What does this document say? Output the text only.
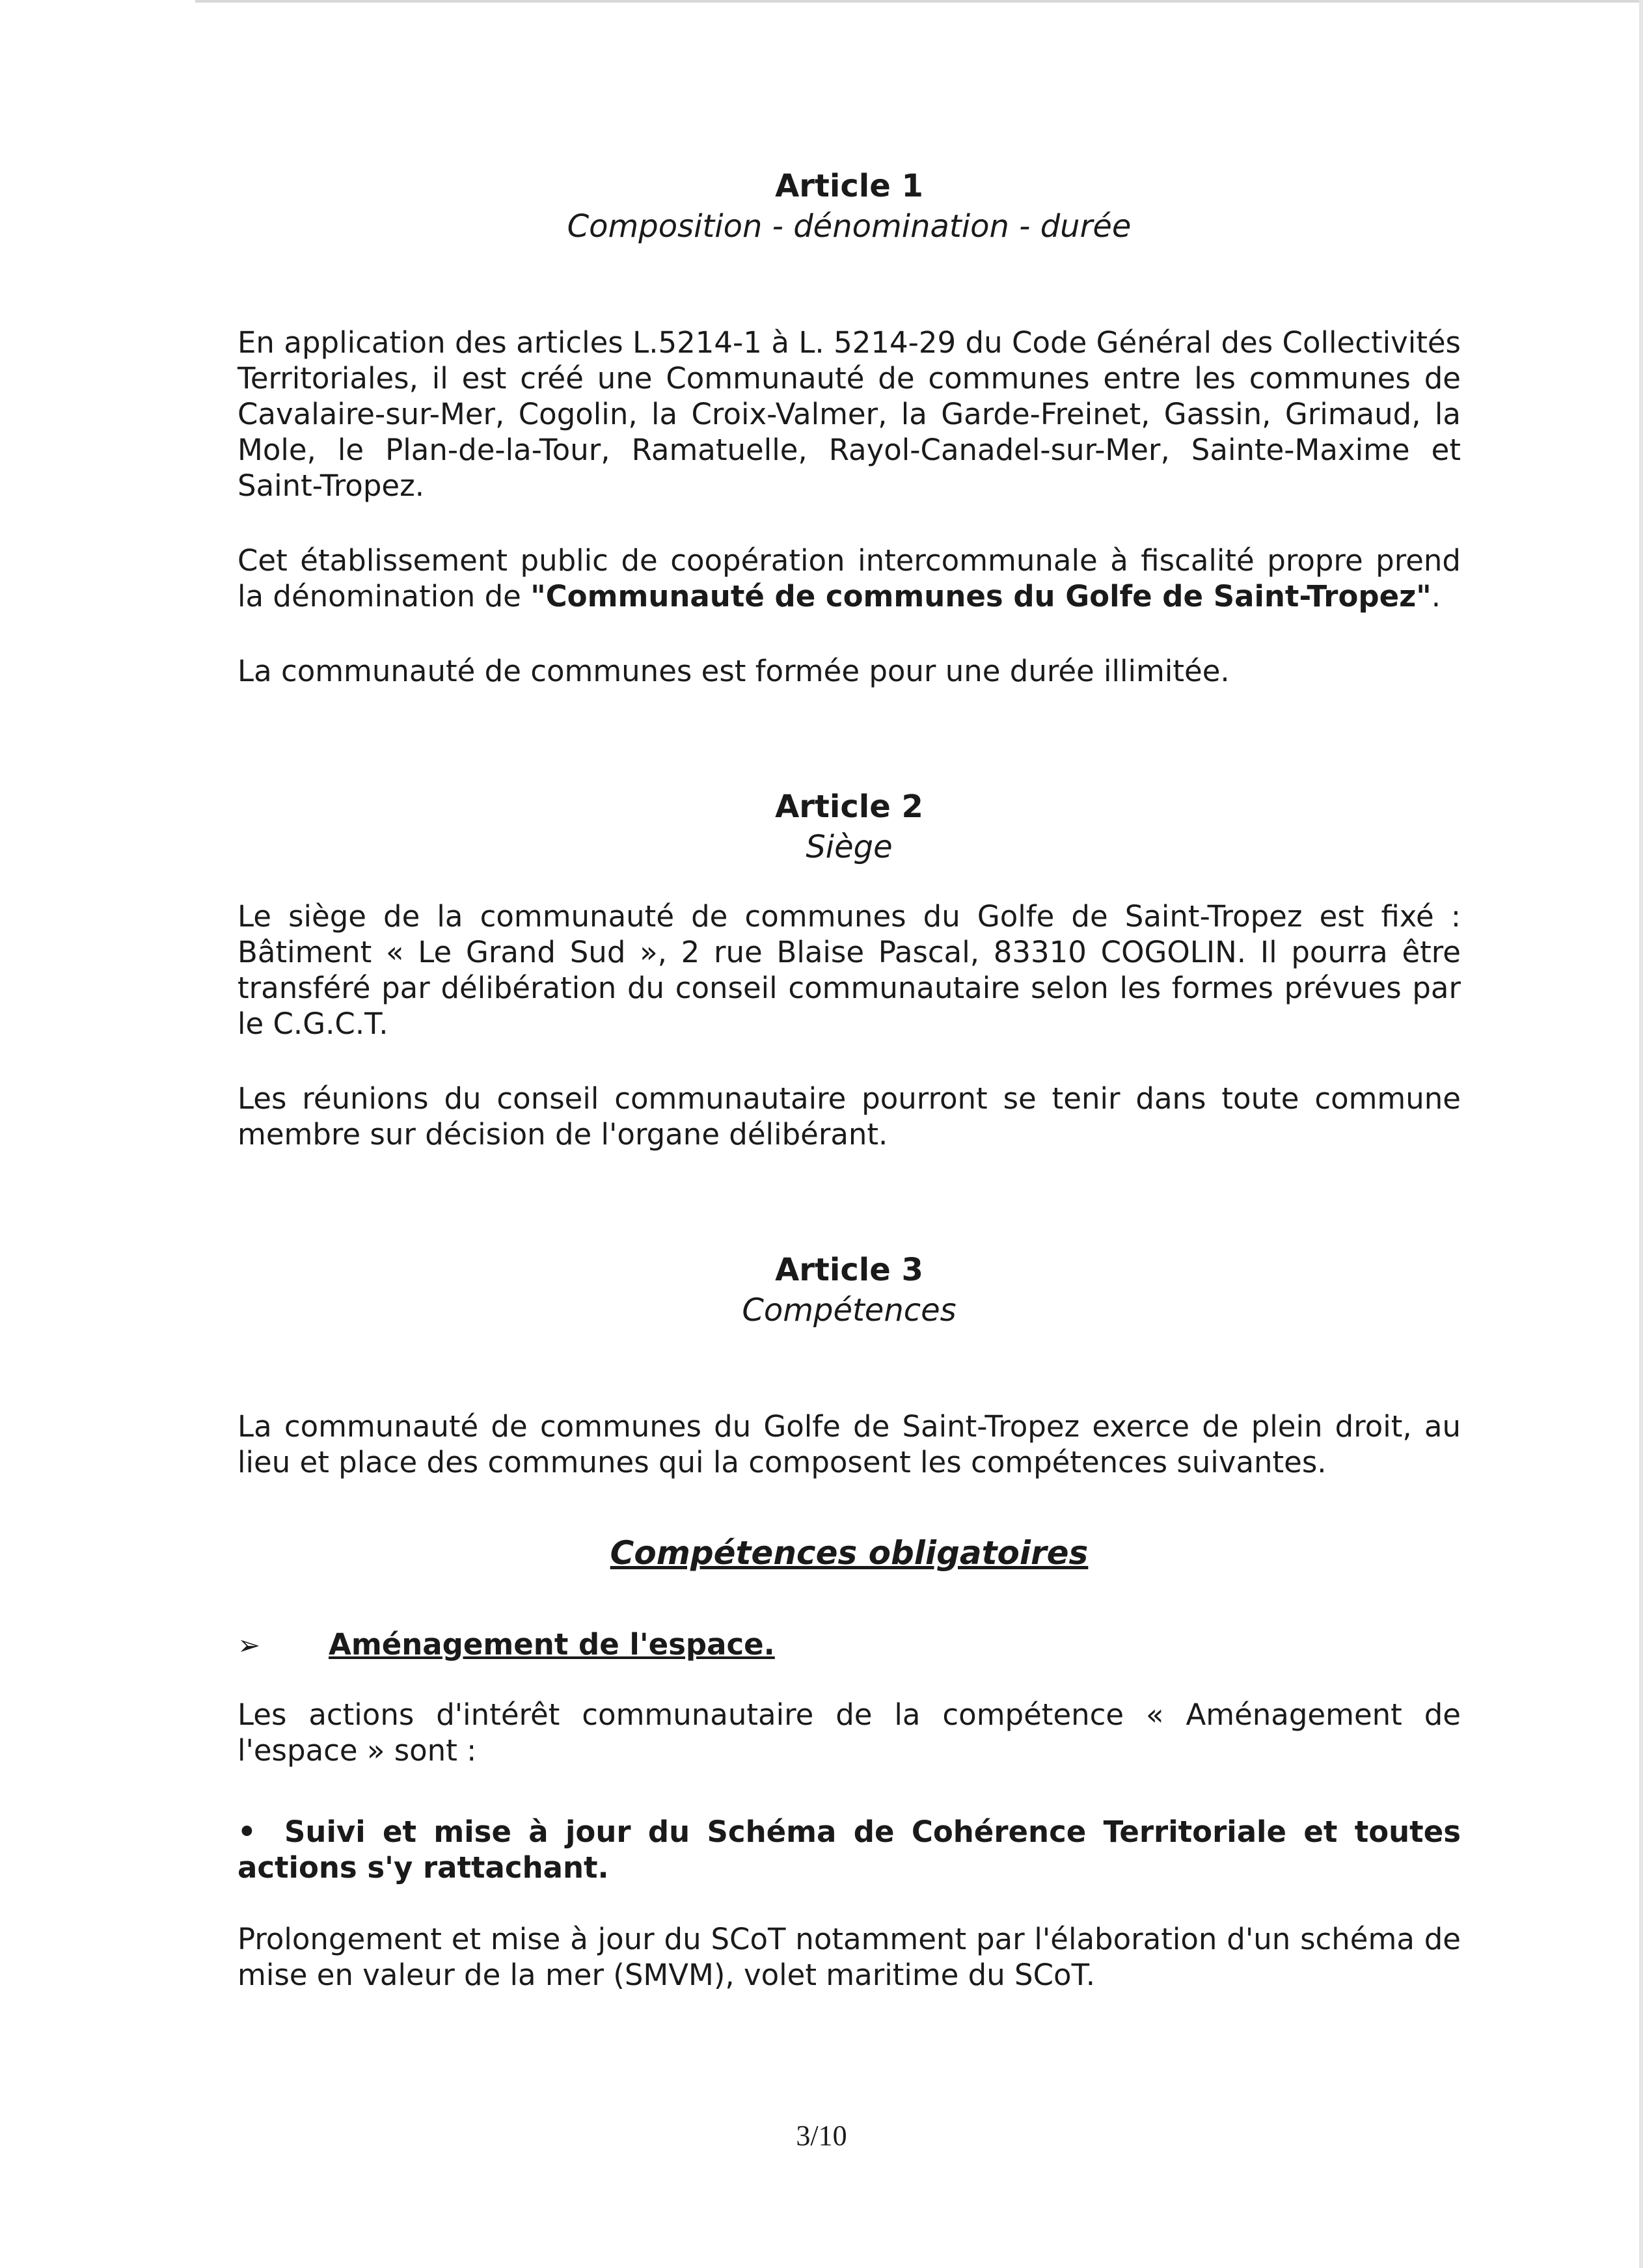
Article 1
Composition - dénomination - durée

En application des articles L.5214-1 à L. 5214-29 du Code Général des Collectivités Territoriales, il est créé une Communauté de communes entre les communes de Cavalaire-sur-Mer, Cogolin, la Croix-Valmer, la Garde-Freinet, Gassin, Grimaud, la Mole, le Plan-de-la-Tour, Ramatuelle, Rayol-Canadel-sur-Mer, Sainte-Maxime et Saint-Tropez.

Cet établissement public de coopération intercommunale à fiscalité propre prend la dénomination de "Communauté de communes du Golfe de Saint-Tropez".

La communauté de communes est formée pour une durée illimitée.

Article 2
Siège

Le siège de la communauté de communes du Golfe de Saint-Tropez est fixé : Bâtiment « Le Grand Sud », 2 rue Blaise Pascal, 83310 COGOLIN. Il pourra être transféré par délibération du conseil communautaire selon les formes prévues par le C.G.C.T.

Les réunions du conseil communautaire pourront se tenir dans toute commune membre sur décision de l'organe délibérant.

Article 3
Compétences

La communauté de communes du Golfe de Saint-Tropez exerce de plein droit, au lieu et place des communes qui la composent les compétences suivantes.

Compétences obligatoires
➢	Aménagement de l'espace.

Les actions d'intérêt communautaire de la compétence « Aménagement de l'espace » sont :

• Suivi et mise à jour du Schéma de Cohérence Territoriale et toutes actions s'y rattachant.

Prolongement et mise à jour du SCoT notamment par l'élaboration d'un schéma de mise en valeur de la mer (SMVM), volet maritime du SCoT.

3/10
